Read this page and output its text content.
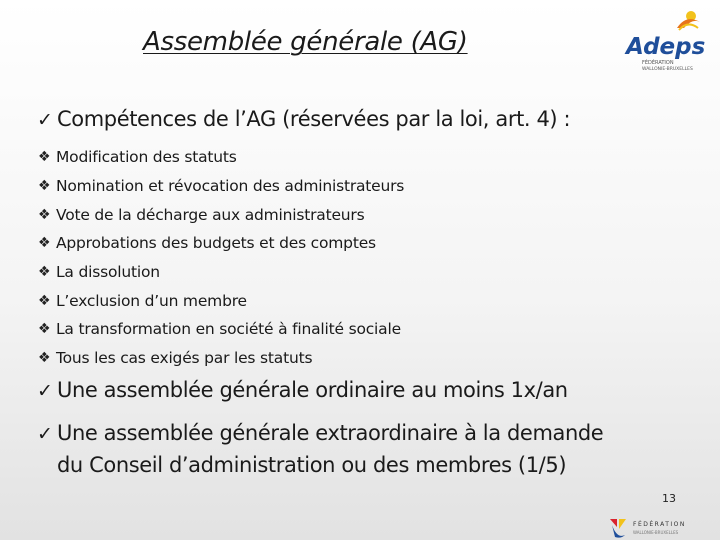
Assemblée générale (AG)	Adeps
FÉDÉRATION
WALLONIE-BRUXELLES
✓ Compétences de l’AG (réservées par la loi, art. 4) :
❖ Modification des statuts
❖ Nomination et révocation des administrateurs
❖ Vote de la décharge aux administrateurs
❖ Approbations des budgets et des comptes
❖ La dissolution
❖ L’exclusion d’un membre
❖ La transformation en société à finalité sociale
❖ Tous les cas exigés par les statuts
✓ Une assemblée générale ordinaire au moins 1x/an
✓ Une assemblée générale extraordinaire à la demande
du Conseil d’administration ou des membres (1/5)
13
FÉDÉRATION
WALLONIE-BRUXELLES
